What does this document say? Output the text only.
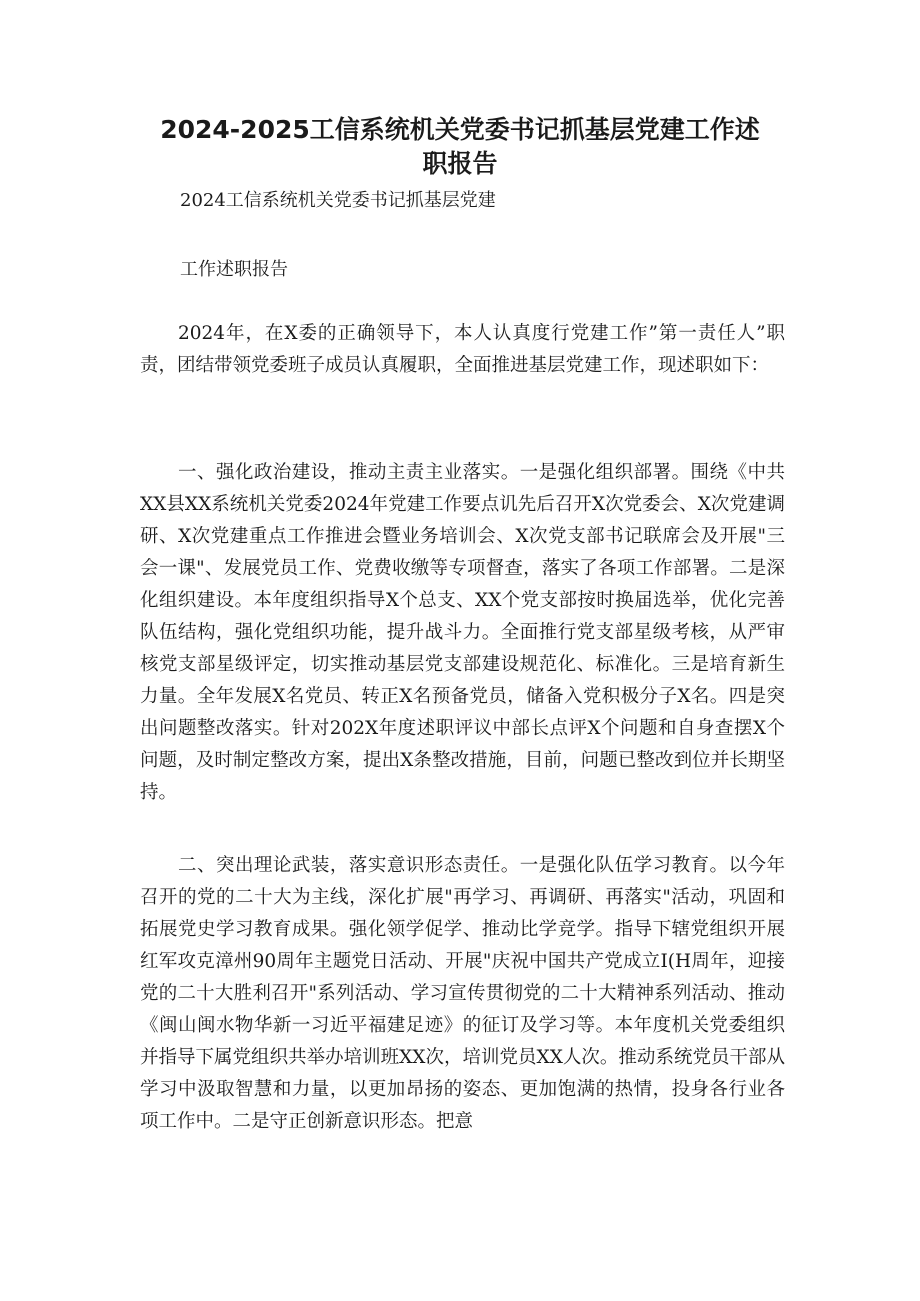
2024-2025工信系统机关党委书记抓基层党建工作述
职报告
2024工信系统机关党委书记抓基层党建
工作述职报告
2024年，在X委的正确领导下，本人认真度行党建工作”第一责任人”职责，团结带领党委班子成员认真履职，全面推进基层党建工作，现述职如下：
一、强化政治建设，推动主责主业落实。一是强化组织部署。围绕《中共XX县XX系统机关党委2024年党建工作要点讥先后召开X次党委会、X次党建调研、X次党建重点工作推进会暨业务培训会、X次党支部书记联席会及开展"三会一课"、发展党员工作、党费收缴等专项督查，落实了各项工作部署。二是深化组织建设。本年度组织指导X个总支、XX个党支部按时换届选举，优化完善队伍结构，强化党组织功能，提升战斗力。全面推行党支部星级考核，从严审核党支部星级评定，切实推动基层党支部建设规范化、标准化。三是培育新生力量。全年发展X名党员、转正X名预备党员，储备入党积极分子X名。四是突出问题整改落实。针对202X年度述职评议中部长点评X个问题和自身查摆X个问题，及时制定整改方案，提出X条整改措施，目前，问题已整改到位并长期坚持。
二、突出理论武装，落实意识形态责任。一是强化队伍学习教育。以今年召开的党的二十大为主线，深化扩展"再学习、再调研、再落实"活动，巩固和拓展党史学习教育成果。强化领学促学、推动比学竞学。指导下辖党组织开展红军攻克漳州90周年主题党日活动、开展"庆祝中国共产党成立I(H周年，迎接党的二十大胜利召开"系列活动、学习宣传贯彻党的二十大精神系列活动、推动《闽山闽水物华新一习近平福建足迹》的征订及学习等。本年度机关党委组织并指导下属党组织共举办培训班XX次，培训党员XX人次。推动系统党员干部从学习中汲取智慧和力量，以更加昂扬的姿态、更加饱满的热情，投身各行业各项工作中。二是守正创新意识形态。把意
